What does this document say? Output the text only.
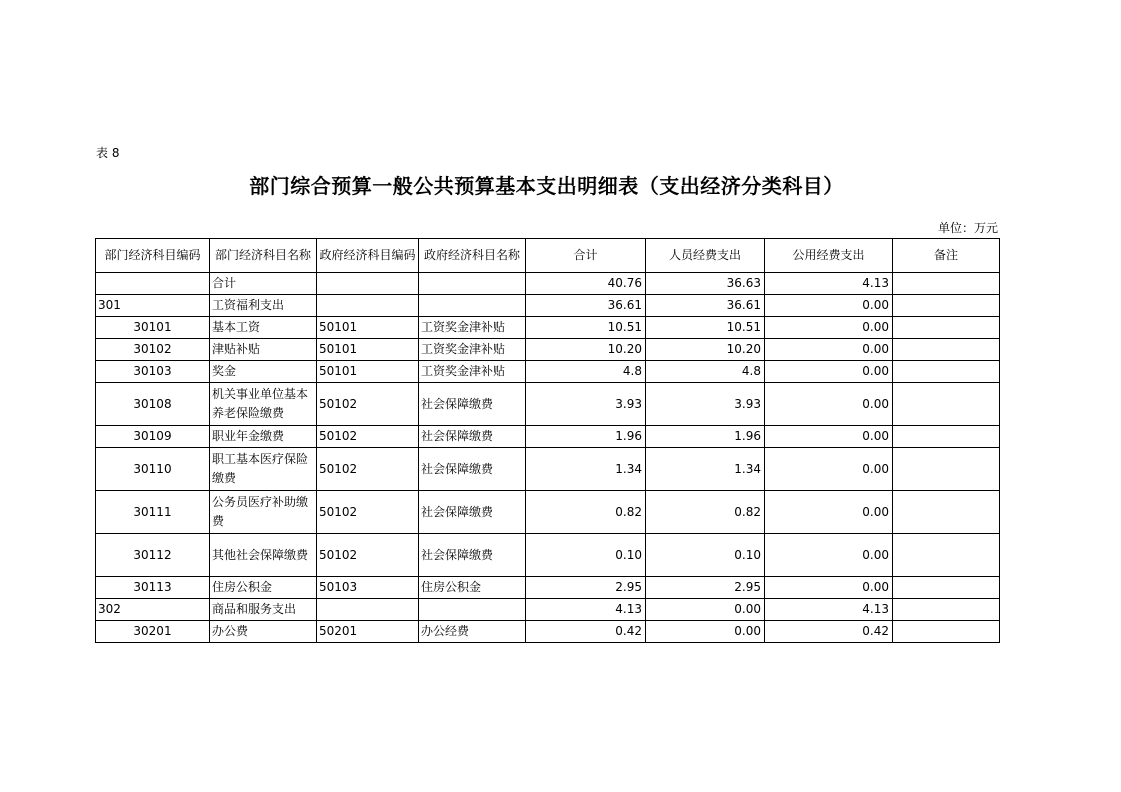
表 8
部门综合预算一般公共预算基本支出明细表（支出经济分类科目）
单位：万元
部门经济科目编码	部门经济科目名称	政府经济科目编码	政府经济科目名称	合计	人员经费支出	公用经费支出	备注
	合计			40.76	36.63	4.13	
301	工资福利支出			36.61	36.61	0.00	
30101	基本工资	50101	工资奖金津补贴	10.51	10.51	0.00	
30102	津贴补贴	50101	工资奖金津补贴	10.20	10.20	0.00	
30103	奖金	50101	工资奖金津补贴	4.8	4.8	0.00	
30108	机关事业单位基本养老保险缴费	50102	社会保障缴费	3.93	3.93	0.00	
30109	职业年金缴费	50102	社会保障缴费	1.96	1.96	0.00	
30110	职工基本医疗保险缴费	50102	社会保障缴费	1.34	1.34	0.00	
30111	公务员医疗补助缴费	50102	社会保障缴费	0.82	0.82	0.00	
30112	其他社会保障缴费	50102	社会保障缴费	0.10	0.10	0.00	
30113	住房公积金	50103	住房公积金	2.95	2.95	0.00	
302	商品和服务支出			4.13	0.00	4.13	
30201	办公费	50201	办公经费	0.42	0.00	0.42	
